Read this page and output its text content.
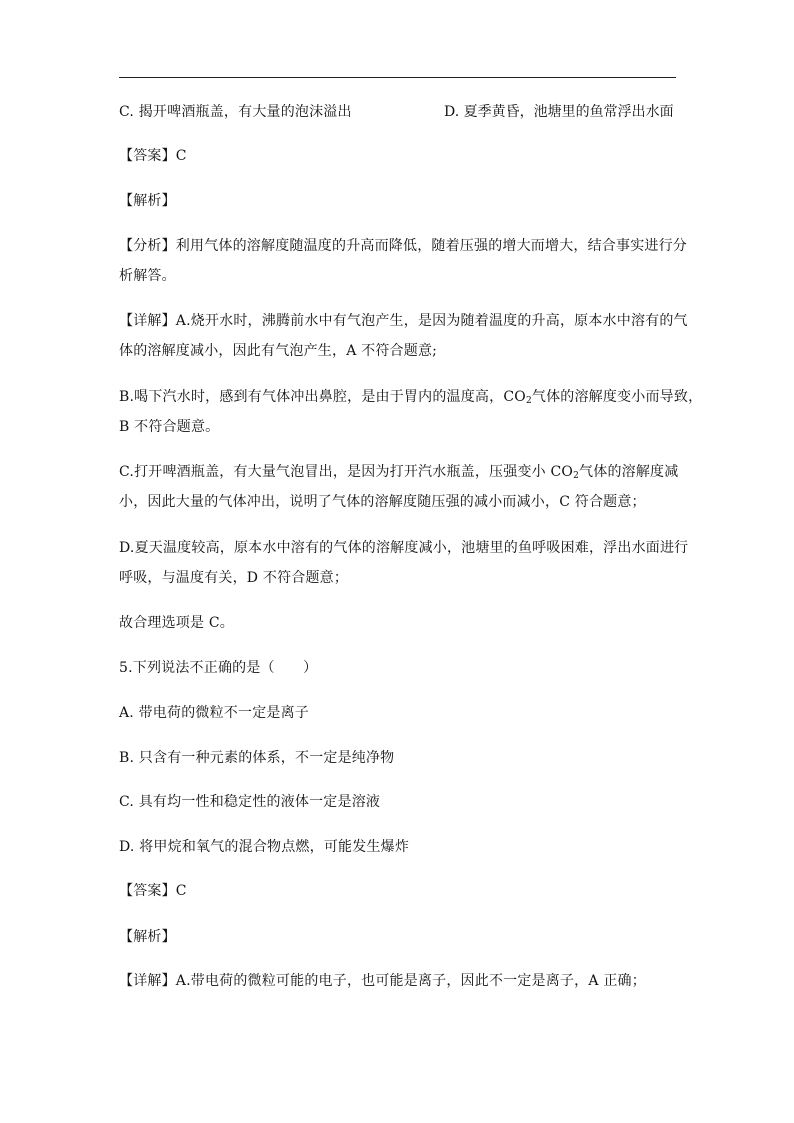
C. 揭开啤酒瓶盖，有大量的泡沫溢出	D. 夏季黄昏，池塘里的鱼常浮出水面
【答案】C
【解析】
【分析】利用气体的溶解度随温度的升高而降低，随着压强的增大而增大，结合事实进行分
析解答。
【详解】A.烧开水时，沸腾前水中有气泡产生，是因为随着温度的升高，原本水中溶有的气
体的溶解度减小，因此有气泡产生，A 不符合题意;
B.喝下汽水时，感到有气体冲出鼻腔，是由于胃内的温度高，$CO_2$气体的溶解度变小而导致，
B 不符合题意。
C.打开啤酒瓶盖，有大量气泡冒出，是因为打开汽水瓶盖，压强变小 $CO_2$气体的溶解度减
小，因此大量的气体冲出，说明了气体的溶解度随压强的减小而减小，C 符合题意；
D.夏天温度较高，原本水中溶有的气体的溶解度减小，池塘里的鱼呼吸困难，浮出水面进行
呼吸，与温度有关，D 不符合题意；
故合理选项是 C。
5.下列说法不正确的是（　　）
A. 带电荷的微粒不一定是离子
B. 只含有一种元素的体系，不一定是纯净物
C. 具有均一性和稳定性的液体一定是溶液
D. 将甲烷和氧气的混合物点燃，可能发生爆炸
【答案】C
【解析】
【详解】A.带电荷的微粒可能的电子，也可能是离子，因此不一定是离子，A 正确；
